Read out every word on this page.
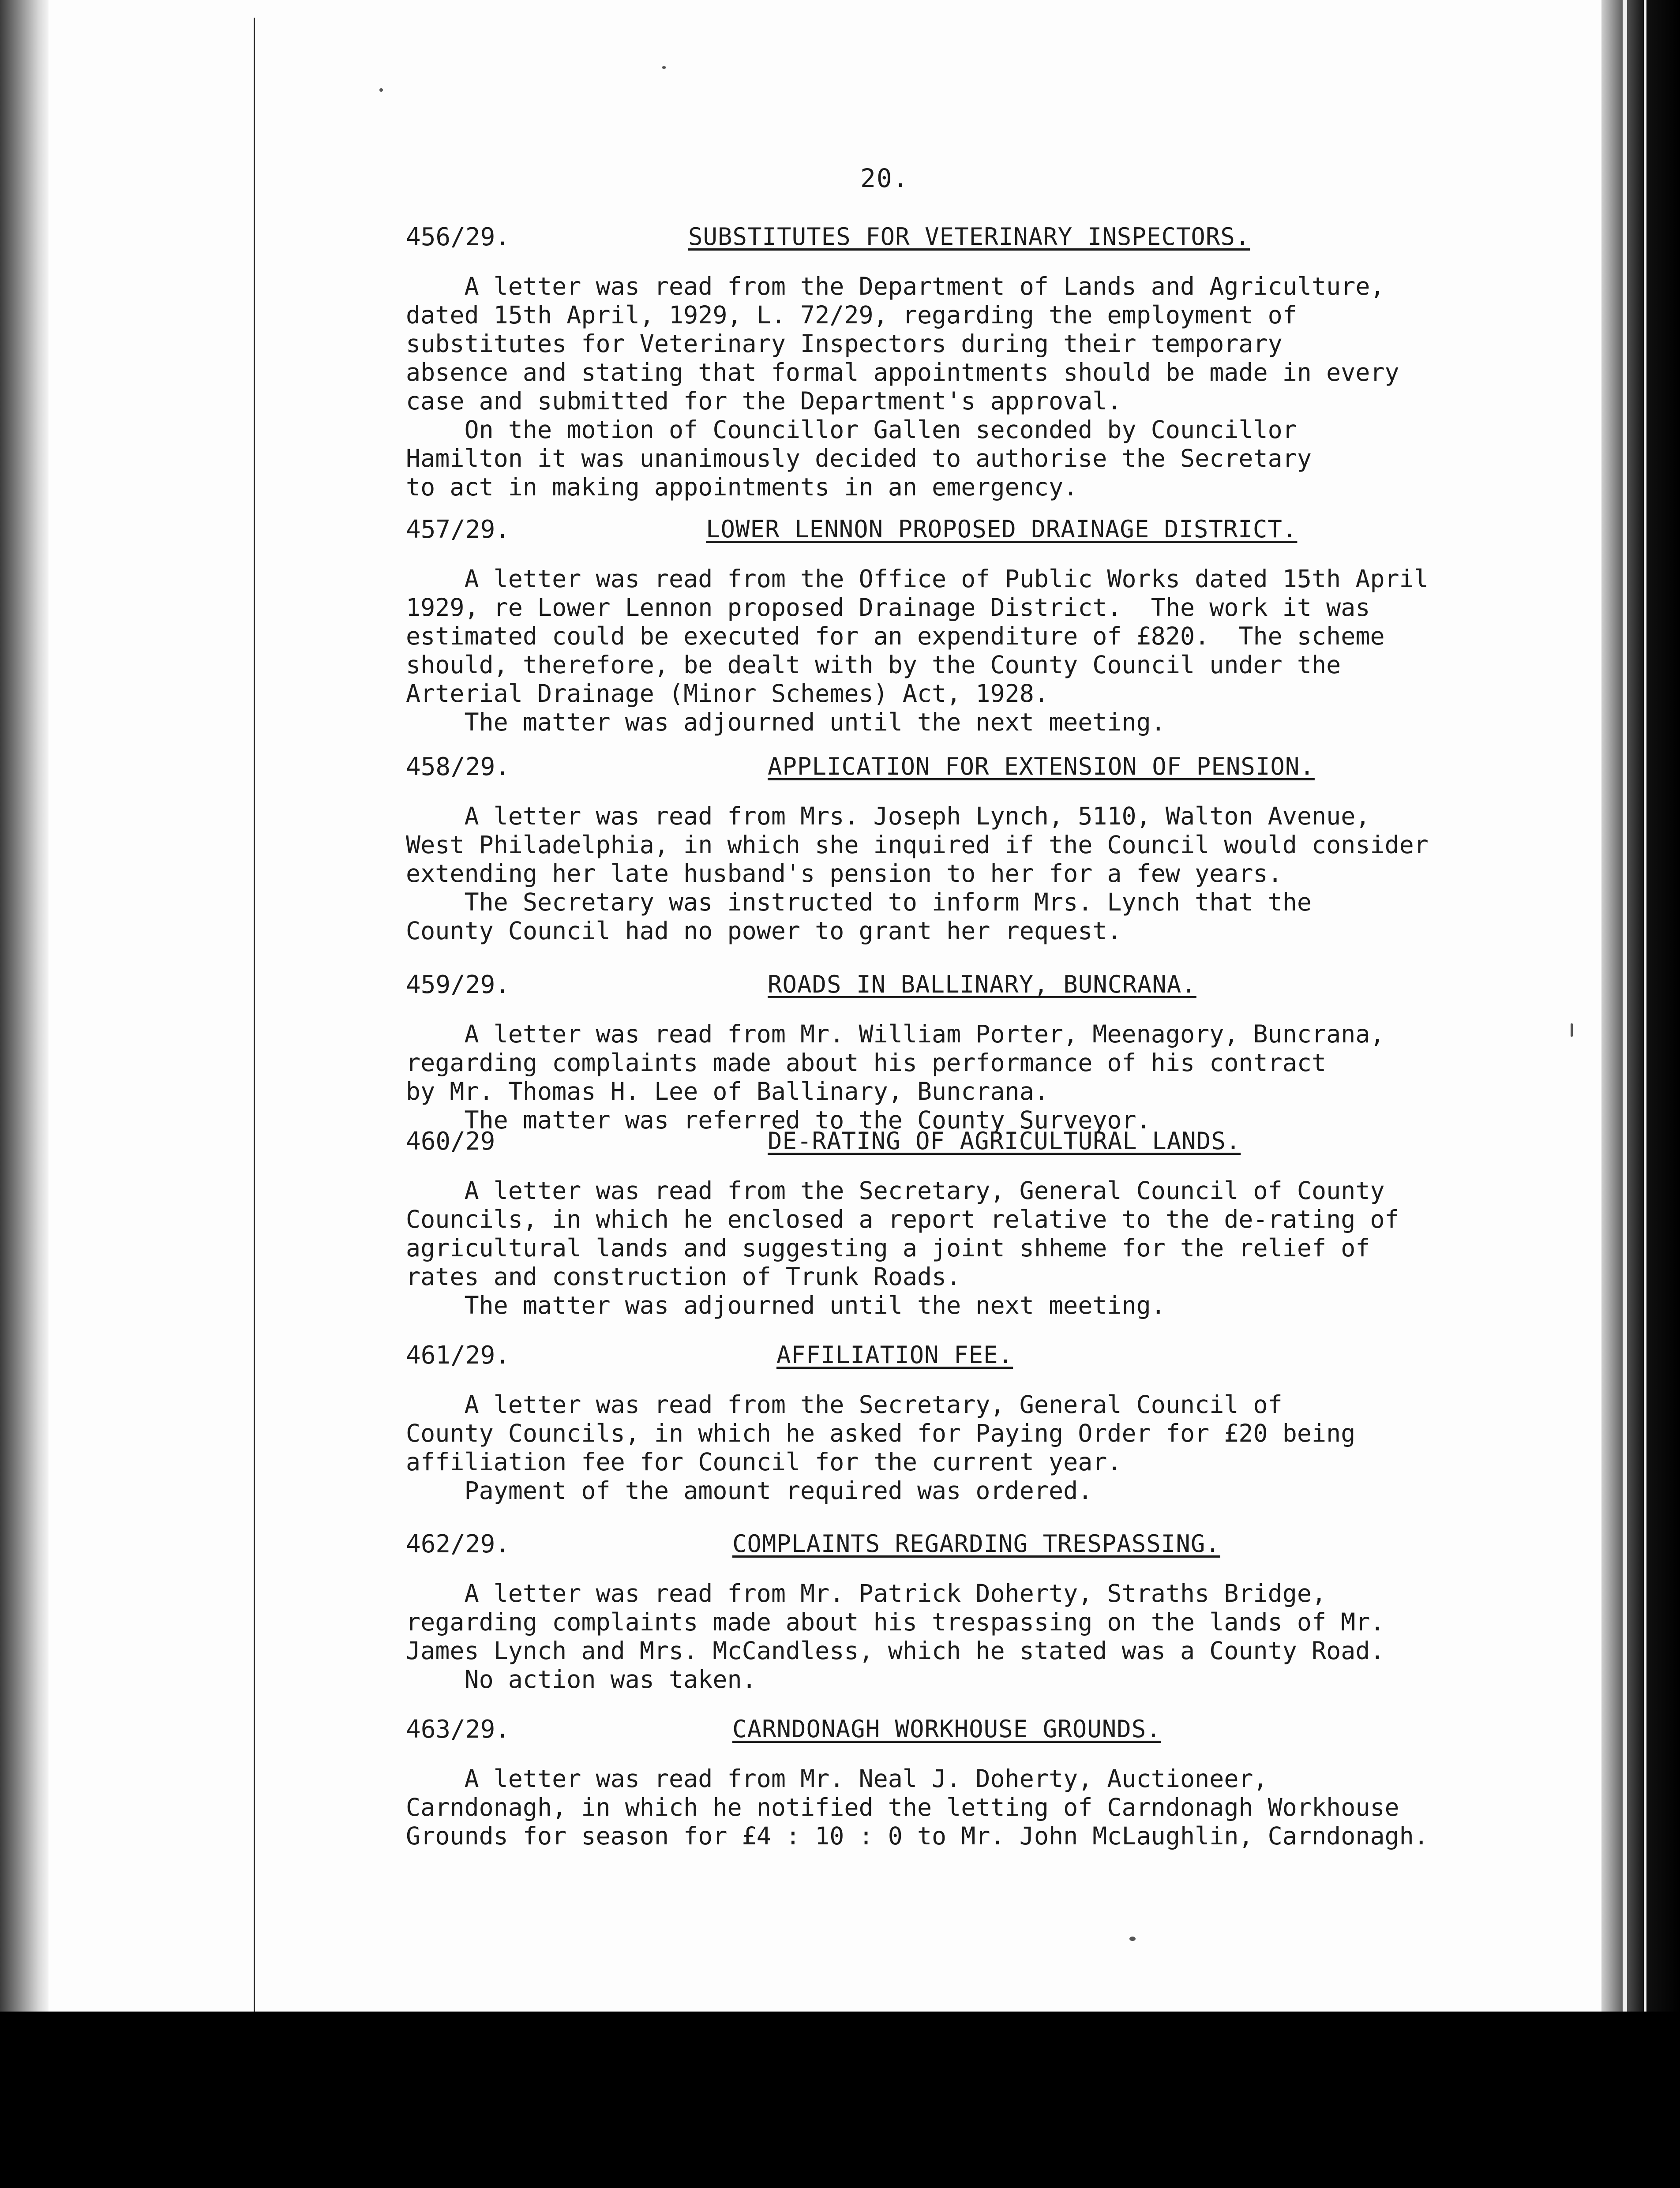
20.
456/29.	SUBSTITUTES FOR VETERINARY INSPECTORS.

A letter was read from the Department of Lands and Agriculture,
dated 15th April, 1929, L. 72/29, regarding the employment of
substitutes for Veterinary Inspectors during their temporary
absence and stating that formal appointments should be made in every
case and submitted for the Department's approval.

On the motion of Councillor Gallen seconded by Councillor
Hamilton it was unanimously decided to authorise the Secretary
to act in making appointments in an emergency.

457/29.	LOWER LENNON PROPOSED DRAINAGE DISTRICT.

A letter was read from the Office of Public Works dated 15th April
1929, re Lower Lennon proposed Drainage District.  The work it was
estimated could be executed for an expenditure of £820.  The scheme
should, therefore, be dealt with by the County Council under the
Arterial Drainage (Minor Schemes) Act, 1928.

The matter was adjourned until the next meeting.

458/29.	APPLICATION FOR EXTENSION OF PENSION.

A letter was read from Mrs. Joseph Lynch, 5110, Walton Avenue,
West Philadelphia, in which she inquired if the Council would consider
extending her late husband's pension to her for a few years.

The Secretary was instructed to inform Mrs. Lynch that the
County Council had no power to grant her request.

459/29.	ROADS IN BALLINARY, BUNCRANA.

A letter was read from Mr. William Porter, Meenagory, Buncrana,
regarding complaints made about his performance of his contract
by Mr. Thomas H. Lee of Ballinary, Buncrana.

The matter was referred to the County Surveyor.

460/29	DE-RATING OF AGRICULTURAL LANDS.

A letter was read from the Secretary, General Council of County
Councils, in which he enclosed a report relative to the de-rating of
agricultural lands and suggesting a joint shheme for the relief of
rates and construction of Trunk Roads.

The matter was adjourned until the next meeting.

461/29.	AFFILIATION FEE.

A letter was read from the Secretary, General Council of
County Councils, in which he asked for Paying Order for £20 being
affiliation fee for Council for the current year.

Payment of the amount required was ordered.

462/29.	COMPLAINTS REGARDING TRESPASSING.

A letter was read from Mr. Patrick Doherty, Straths Bridge,
regarding complaints made about his trespassing on the lands of Mr.
James Lynch and Mrs. McCandless, which he stated was a County Road.

No action was taken.

463/29.	CARNDONAGH WORKHOUSE GROUNDS.

A letter was read from Mr. Neal J. Doherty, Auctioneer,
Carndonagh, in which he notified the letting of Carndonagh Workhouse
Grounds for season for £4 : 10 : 0 to Mr. John McLaughlin, Carndonagh.
